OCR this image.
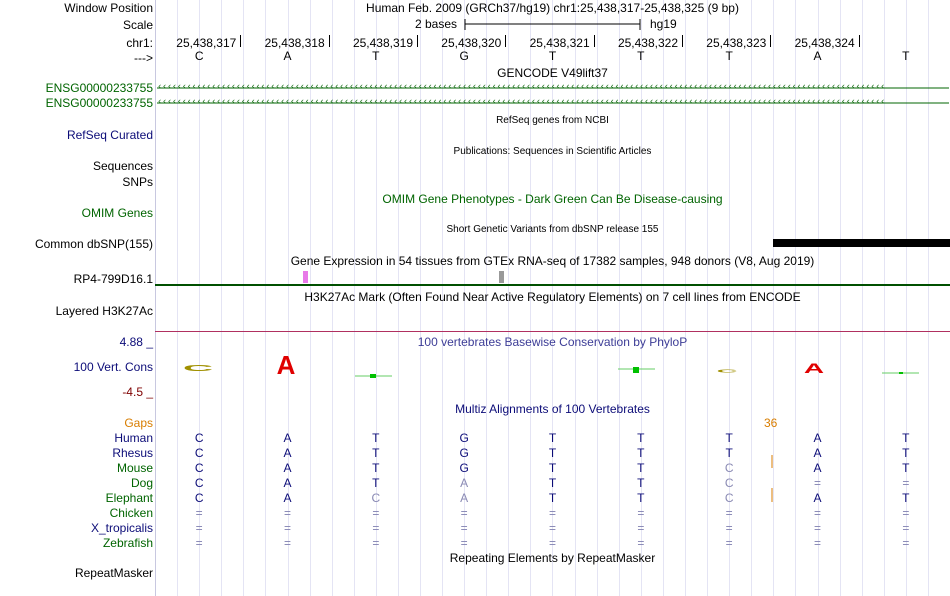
Window Position	Human Feb. 2009 (GRCh37/hg19) chr1:25,438,317-25,438,325 (9 bp)
Scale	2 bases	hg19
chr1:	25,438,317	25,438,318	25,438,319	25,438,320	25,438,321	25,438,322	25,438,323	25,438,324
--->	C	A	T	G	T	T	T	A	T
GENCODE V49lift37
ENSG00000233755 ‹‹‹‹‹‹‹‹‹‹‹‹‹‹‹‹‹‹‹‹‹‹‹‹‹‹‹‹‹‹‹‹‹‹‹‹‹‹‹‹‹‹‹‹‹‹‹‹‹‹‹‹‹‹‹‹‹‹‹‹‹‹‹‹‹‹‹‹‹‹‹‹‹‹‹‹‹‹‹‹‹‹‹‹‹‹‹‹‹‹‹‹‹‹‹‹‹‹‹‹‹‹‹‹‹‹‹‹‹‹‹‹‹‹‹‹‹‹‹‹‹‹‹‹‹‹‹‹‹‹‹‹‹‹‹‹‹‹‹‹‹‹‹‹‹‹‹‹
ENSG00000233755 ‹‹‹‹‹‹‹‹‹‹‹‹‹‹‹‹‹‹‹‹‹‹‹‹‹‹‹‹‹‹‹‹‹‹‹‹‹‹‹‹‹‹‹‹‹‹‹‹‹‹‹‹‹‹‹‹‹‹‹‹‹‹‹‹‹‹‹‹‹‹‹‹‹‹‹‹‹‹‹‹‹‹‹‹‹‹‹‹‹‹‹‹‹‹‹‹‹‹‹‹‹‹‹‹‹‹‹‹‹‹‹‹‹‹‹‹‹‹‹‹‹‹‹‹‹‹‹‹‹‹‹‹‹‹‹‹‹‹‹‹‹‹‹‹‹‹‹‹
RefSeq genes from NCBI
RefSeq Curated
Publications: Sequences in Scientific Articles
Sequences
SNPs
OMIM Gene Phenotypes - Dark Green Can Be Disease-causing
OMIM Genes
Short Genetic Variants from dbSNP release 155
Common dbSNP(155)
Gene Expression in 54 tissues from GTEx RNA-seq of 17382 samples, 948 donors (V8, Aug 2019)
RP4-799D16.1
H3K27Ac Mark (Often Found Near Active Regulatory Elements) on 7 cell lines from ENCODE
Layered H3K27Ac
4.88 _	100 vertebrates Basewise Conservation by PhyloP
100 Vert. Cons
-4.5 _
C A	C	A
Multiz Alignments of 100 Vertebrates
Gaps	36
Human	C	A	T	G	T	T	T	A	T
Rhesus	C	A	T	G	T	T	T	A	T
Mouse	C	A	T	G	T	T	C	A	T
Dog	C	A	T	A	T	T	C	=	=
Elephant	C	A	C	A	T	T	C	A	T
Chicken	=	=	=	=	=	=	=	=	=
X_tropicalis	=	=	=	=	=	=	=	=	=
Zebrafish	=	=	=	=	=	=	=	=	=
Repeating Elements by RepeatMasker
RepeatMasker
